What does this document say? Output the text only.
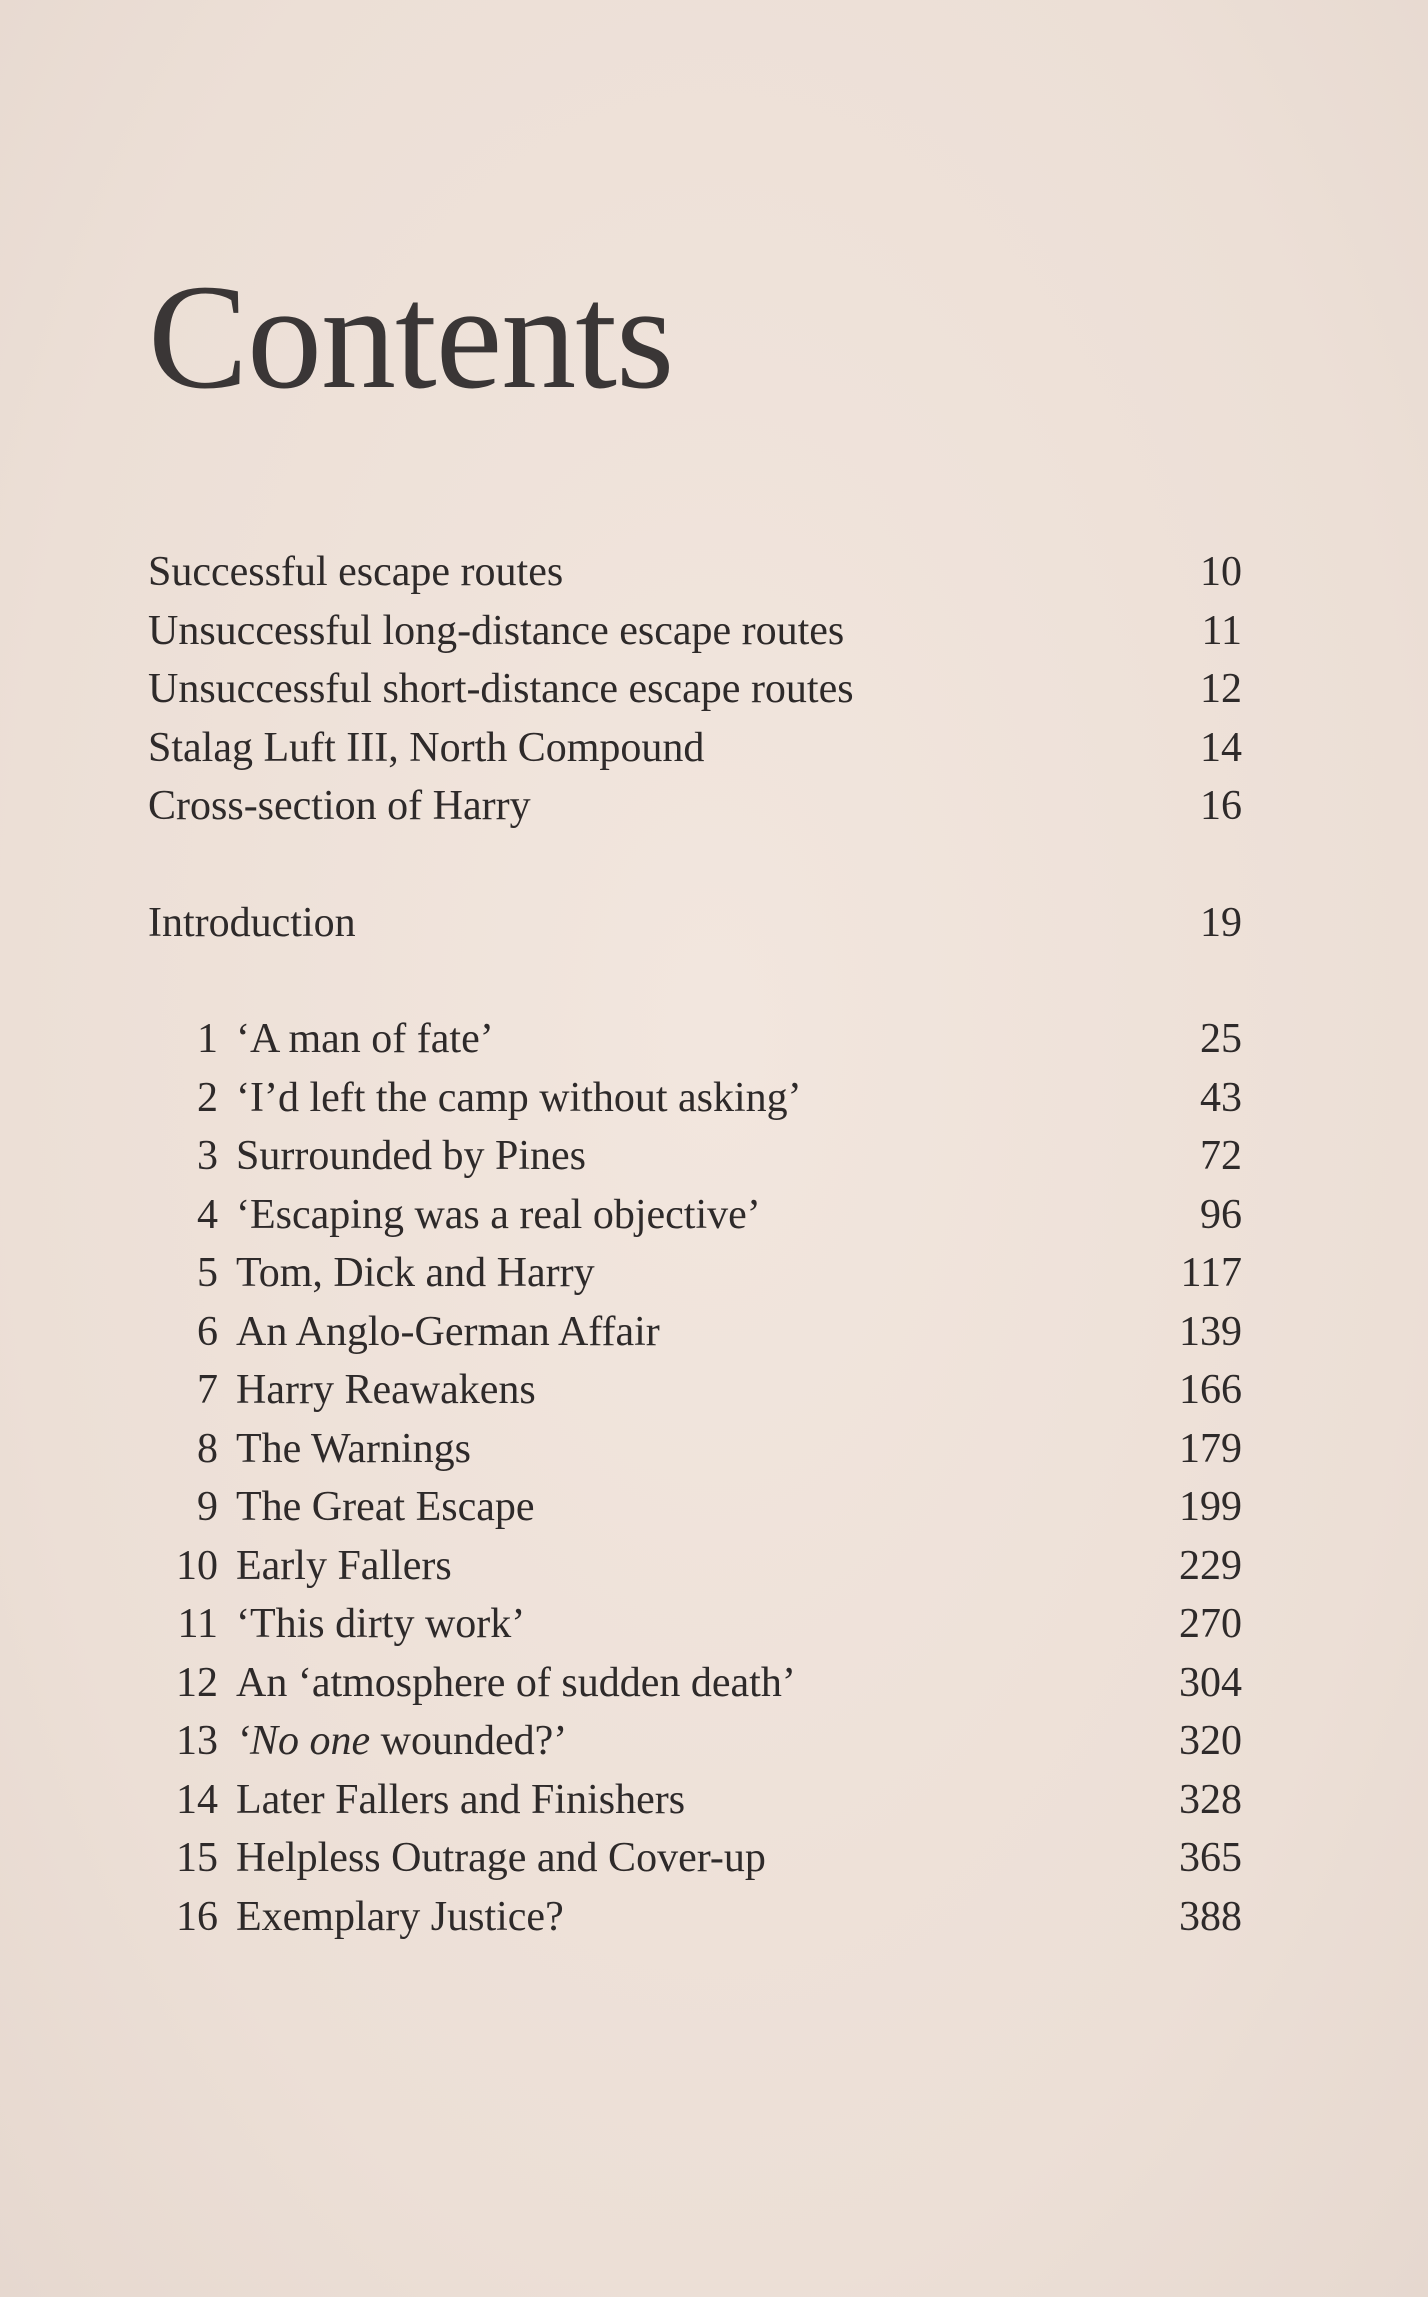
Contents
Successful escape routes	10
Unsuccessful long-distance escape routes	11
Unsuccessful short-distance escape routes	12
Stalag Luft III, North Compound	14
Cross-section of Harry	16
Introduction	19
1 ‘A man of fate’	25
2 ‘I’d left the camp without asking’	43
3 Surrounded by Pines	72
4 ‘Escaping was a real objective’	96
5 Tom, Dick and Harry	117
6 An Anglo-German Affair	139
7 Harry Reawakens	166
8 The Warnings	179
9 The Great Escape	199
10 Early Fallers	229
11 ‘This dirty work’	270
12 An ‘atmosphere of sudden death’	304
13 ‘No one wounded?’	320
14 Later Fallers and Finishers	328
15 Helpless Outrage and Cover-up	365
16 Exemplary Justice?	388
